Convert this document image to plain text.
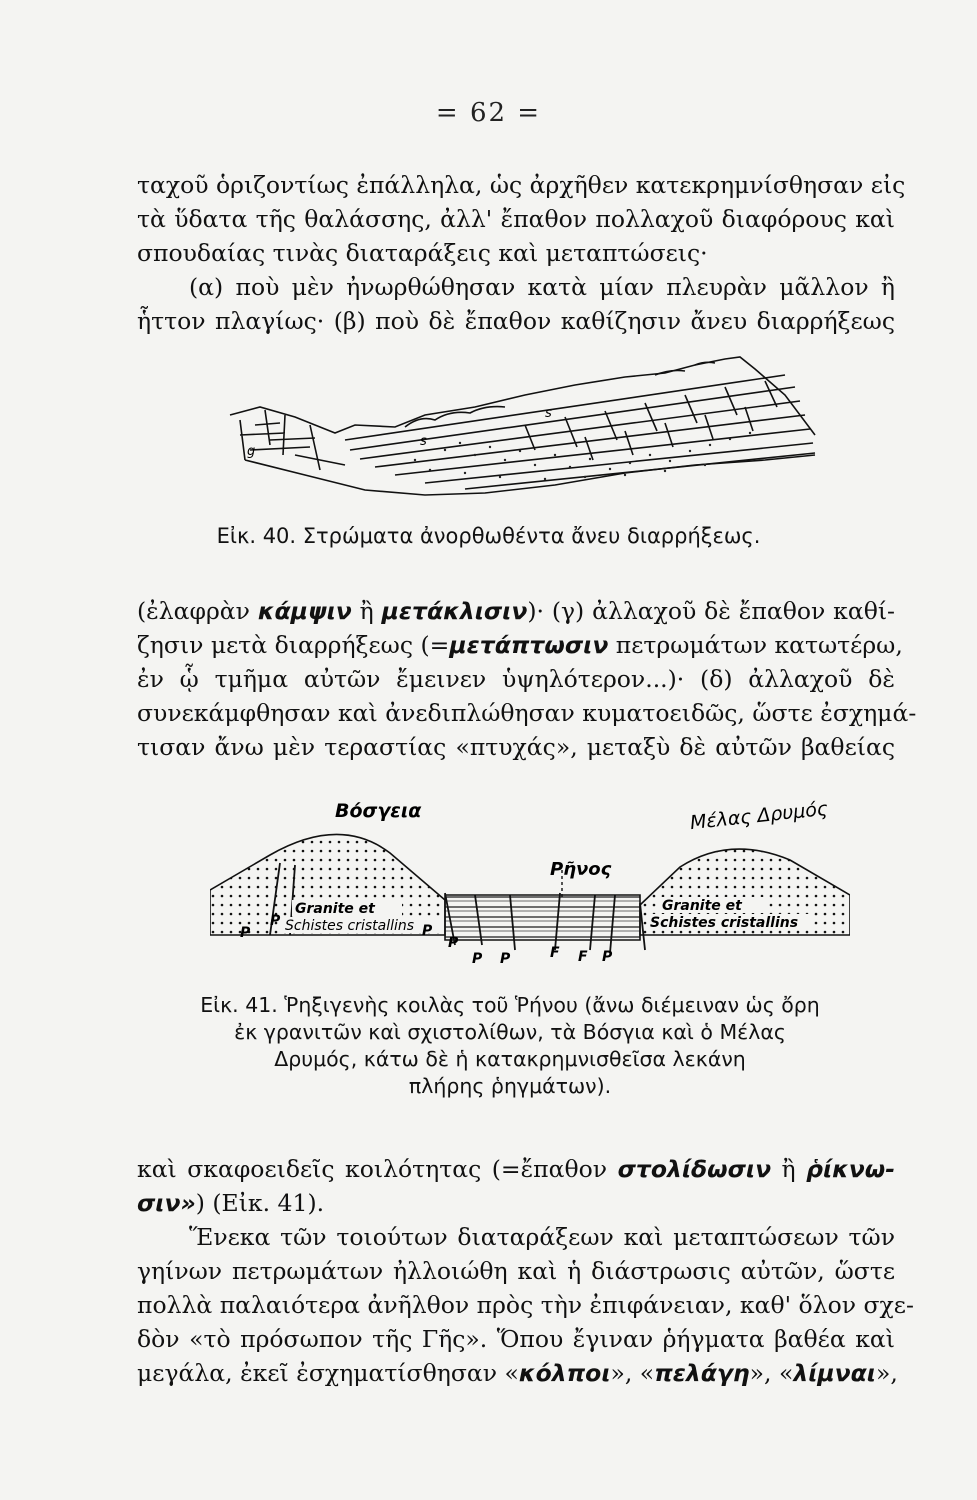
= 62 =

ταχοῦ ὁριζοντίως ἐπάλληλα, ὡς ἀρχῆθεν κατεκρημνίσθησαν εἰς
τὰ ὕδατα τῆς θαλάσσης, ἀλλ' ἔπαθον πολλαχοῦ διαφόρους καὶ
σπουδαίας τινὰς διαταράξεις καὶ μεταπτώσεις·
(α) ποὺ μὲν ἠνωρθώθησαν κατὰ μίαν πλευρὰν μᾶλλον ἢ
ἧττον πλαγίως· (β) ποὺ δὲ ἔπαθον καθίζησιν ἄνευ διαρρήξεως

s
s
g
Εἰκ. 40. Στρώματα ἀνορθωθέντα ἄνευ διαρρήξεως.

(ἐλαφρὰν κάμψιν ἢ μετάκλισιν)· (γ) ἀλλαχοῦ δὲ ἔπαθον καθί-
ζησιν μετὰ διαρρήξεως (=μετάπτωσιν πετρωμάτων κατωτέρω,
ἐν ᾧ τμῆμα αὐτῶν ἔμεινεν ὑψηλότερον...)· (δ) ἀλλαχοῦ δὲ
συνεκάμφθησαν καὶ ἀνεδιπλώθησαν κυματοειδῶς, ὥστε ἐσχημά-
τισαν ἄνω μὲν τεραστίας «πτυχάς», μεταξὺ δὲ αὐτῶν βαθείας

Βόσγεια	Μέλας Δρυμός
Ρῆνος
Granite et
Schistes cristallins
Granite et
Schistes cristallins
P
P
P
P P
P
F F P
Εἰκ. 41. Ῥηξιγενὴς κοιλὰς τοῦ Ῥήνου (ἄνω διέμειναν ὡς ὄρη
ἐκ γρανιτῶν καὶ σχιστολίθων, τὰ Βόσγια καὶ ὁ Μέλας
Δρυμός, κάτω δὲ ἡ κατακρημνισθεῖσα λεκάνη
πλήρης ῥηγμάτων).

καὶ σκαφοειδεῖς κοιλότητας (=ἔπαθον στολίδωσιν ἢ ῥίκνω-
σιν») (Εἰκ. 41).

Ἕνεκα τῶν τοιούτων διαταράξεων καὶ μεταπτώσεων τῶν
γηίνων πετρωμάτων ἠλλοιώθη καὶ ἡ διάστρωσις αὐτῶν, ὥστε
πολλὰ παλαιότερα ἀνῆλθον πρὸς τὴν ἐπιφάνειαν, καθ' ὅλον σχε-
δὸν «τὸ πρόσωπον τῆς Γῆς». Ὅπου ἔγιναν ῥήγματα βαθέα καὶ
μεγάλα, ἐκεῖ ἐσχηματίσθησαν «κόλποι», «πελάγη», «λίμναι»,
